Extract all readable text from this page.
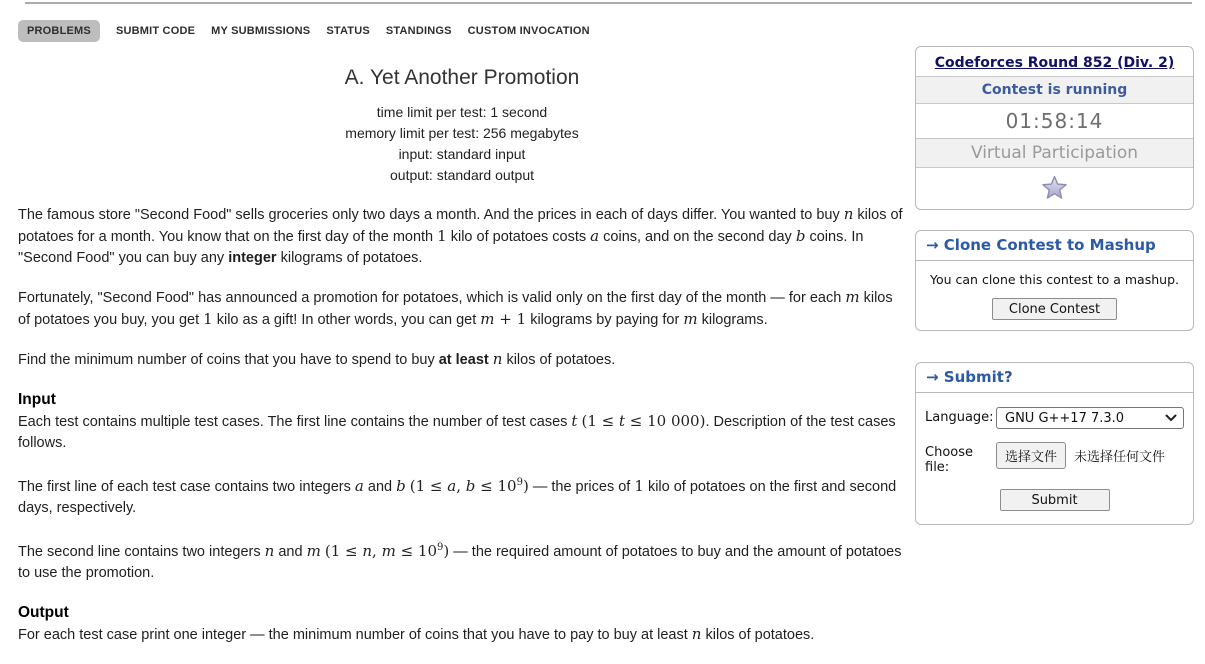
PROBLEMS	SUBMIT CODE MY SUBMISSIONS STATUS STANDINGS CUSTOM INVOCATION
A. Yet Another Promotion
time limit per test: 1 second
memory limit per test: 256 megabytes
input: standard input
output: standard output

The famous store "Second Food" sells groceries only two days a month. And the prices in each of days differ. You wanted to buy n kilos of potatoes for a month. You know that on the first day of the month 1 kilo of potatoes costs a coins, and on the second day b coins. In "Second Food" you can buy any integer kilograms of potatoes.

Fortunately, "Second Food" has announced a promotion for potatoes, which is valid only on the first day of the month — for each m kilos of potatoes you buy, you get 1 kilo as a gift! In other words, you can get m + 1 kilograms by paying for m kilograms.

Find the minimum number of coins that you have to spend to buy at least n kilos of potatoes.

Input

Each test contains multiple test cases. The first line contains the number of test cases t (1 ≤ t ≤ 10 000). Description of the test cases follows.

The first line of each test case contains two integers a and b (1 ≤ a, $b \le 10^9$) — the prices of 1 kilo of potatoes on the first and second days, respectively.

The second line contains two integers n and m (1 ≤ n, $m \le 10^9$) — the required amount of potatoes to buy and the amount of potatoes to use the promotion.

Output

For each test case print one integer — the minimum number of coins that you have to pay to buy at least n kilos of potatoes.

Codeforces Round 852 (Div. 2)
Contest is running
01:58:14
Virtual Participation
→ Clone Contest to Mashup
You can clone this contest to a mashup.
Clone Contest
→ Submit?
Language: GNU G++17 7.3.0
Choose file:
选择文件	未选择任何文件
Submit
